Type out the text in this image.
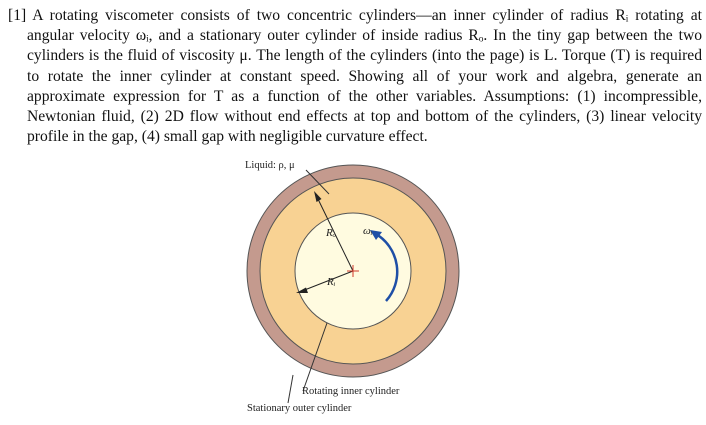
[1] A rotating viscometer consists of two concentric cylinders—an inner cylinder of radius Rᵢ rotating at angular velocity ωᵢ, and a stationary outer cylinder of inside radius Rₒ. In the tiny gap between the two cylinders is the fluid of viscosity μ. The length of the cylinders (into the page) is L. Torque (T) is required to rotate the inner cylinder at constant speed. Showing all of your work and algebra, generate an approximate expression for T as a function of the other variables. Assumptions: (1) incompressible, Newtonian fluid, (2) 2D flow without end effects at top and bottom of the cylinders, (3) linear velocity profile in the gap, (4) small gap with negligible curvature effect.

Liquid: ρ, μ
Rₒ ωᵢ
Rᵢ
Rotating inner cylinder
Stationary outer cylinder
